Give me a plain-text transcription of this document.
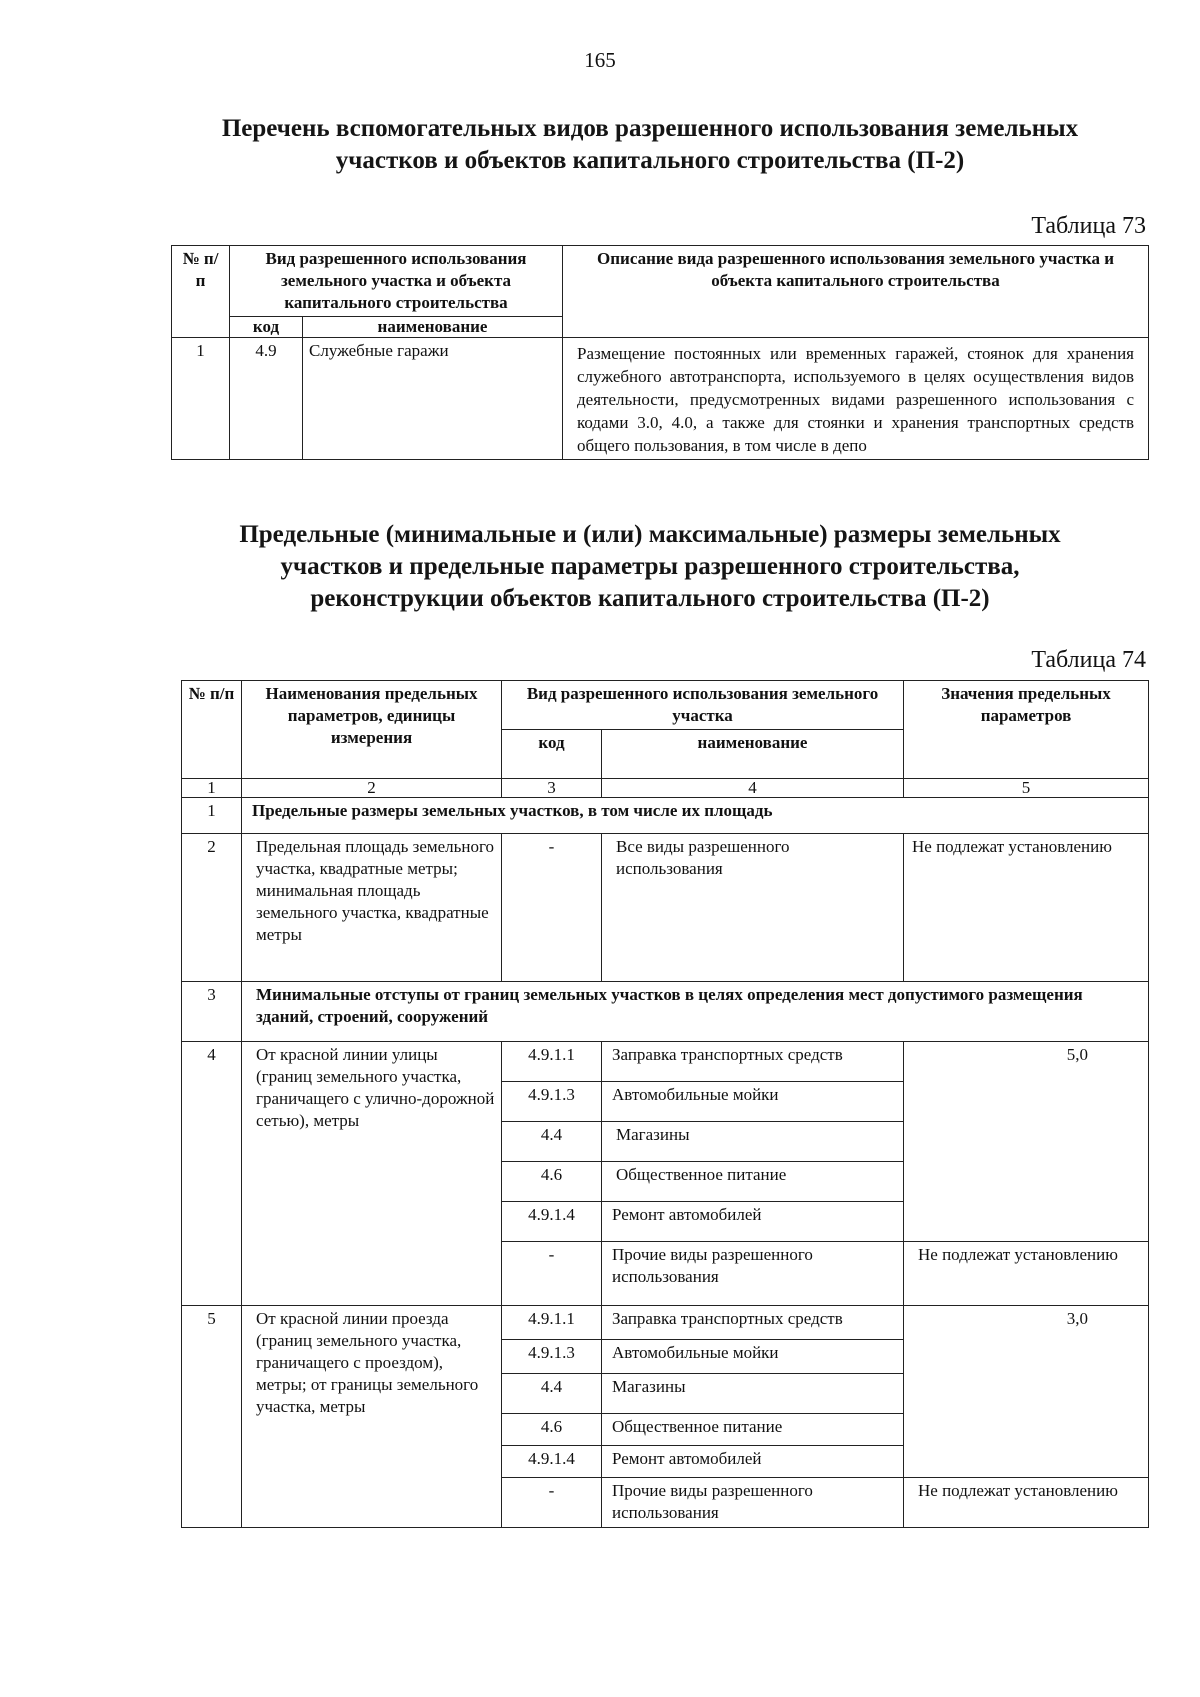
165
Перечень вспомогательных видов разрешенного использования земельных
участков и объектов капитального строительства (П-2)
Таблица 73
№ п/п	Вид разрешенного использования земельного участка и объекта капитального строительства		Описание вида разрешенного использования земельного участка и объекта капитального строительства
	код	наименование	
1	4.9	Служебные гаражи	Размещение постоянных или временных гаражей, стоянок для хранения служебного автотранспорта, используемого в целях осуществления видов деятельности, предусмотренных видами разрешенного использования с кодами 3.0, 4.0, а также для стоянки и хранения транспортных средств общего пользования, в том числе в депо
Предельные (минимальные и (или) максимальные) размеры земельных
участков и предельные параметры разрешенного строительства,
реконструкции объектов капитального строительства (П-2)
Таблица 74
№ п/п	Наименования предельных параметров, единицы измерения	Вид разрешенного использования земельного участка		Значения предельных параметров
		код	наименование	
1	2	3	4	5
1	Предельные размеры земельных участков, в том числе их площадь			
2	Предельная площадь земельного участка, квадратные метры; минимальная площадь земельного участка, квадратные метры	-	Все виды разрешенного использования	Не подлежат установлению
3	Минимальные отступы от границ земельных участков в целях определения мест допустимого размещения зданий, строений, сооружений			
4	От красной линии улицы (границ земельного участка, граничащего с улично-дорожной сетью), метры	4.9.1.1	Заправка транспортных средств	5,0
		4.9.1.3	Автомобильные мойки	
		4.4	Магазины	
		4.6	Общественное питание	
		4.9.1.4	Ремонт автомобилей	
		-	Прочие виды разрешенного использования	Не подлежат установлению
5	От красной линии проезда (границ земельного участка, граничащего с проездом), метры; от границы земельного участка, метры	4.9.1.1	Заправка транспортных средств	3,0
		4.9.1.3	Автомобильные мойки	
		4.4	Магазины	
		4.6	Общественное питание	
		4.9.1.4	Ремонт автомобилей	
		-	Прочие виды разрешенного использования	Не подлежат установлению
